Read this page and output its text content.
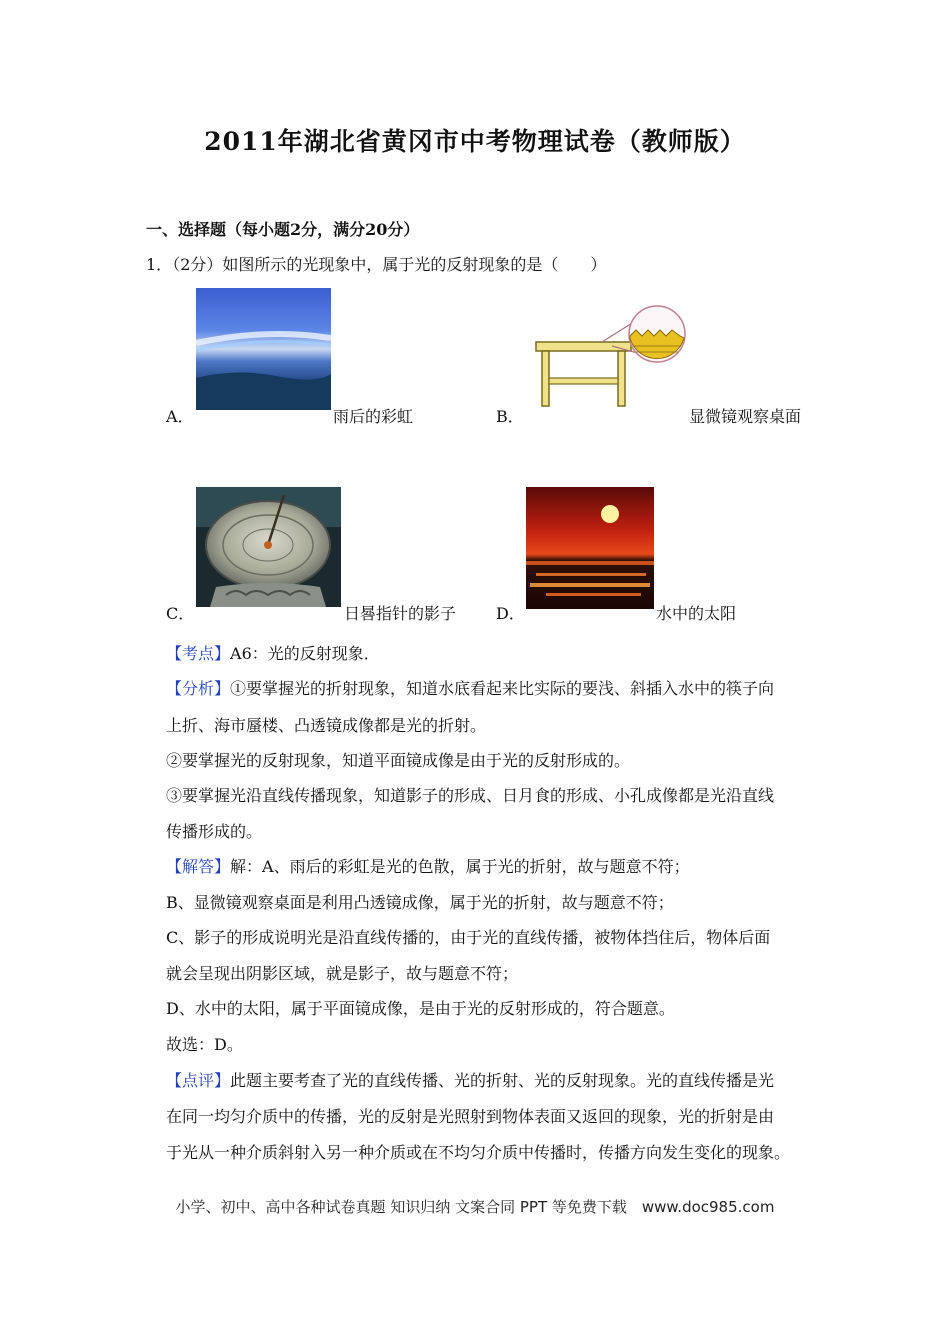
2011年湖北省黄冈市中考物理试卷（教师版）
一、选择题（每小题2分，满分20分）
1．（2分）如图所示的光现象中，属于光的反射现象的是（　　）
A．	雨后的彩虹	B．	显微镜观察桌面
C．	日晷指针的影子 D．	水中的太阳
【考点】A6：光的反射现象．
【分析】①要掌握光的折射现象，知道水底看起来比实际的要浅、斜插入水中的筷子向
上折、海市蜃楼、凸透镜成像都是光的折射。
②要掌握光的反射现象，知道平面镜成像是由于光的反射形成的。
③要掌握光沿直线传播现象，知道影子的形成、日月食的形成、小孔成像都是光沿直线
传播形成的。
【解答】解：A、雨后的彩虹是光的色散，属于光的折射，故与题意不符；
B、显微镜观察桌面是利用凸透镜成像，属于光的折射，故与题意不符；
C、影子的形成说明光是沿直线传播的，由于光的直线传播，被物体挡住后，物体后面
就会呈现出阴影区域，就是影子，故与题意不符；
D、水中的太阳，属于平面镜成像，是由于光的反射形成的，符合题意。
故选：D。
【点评】此题主要考查了光的直线传播、光的折射、光的反射现象。光的直线传播是光
在同一均匀介质中的传播，光的反射是光照射到物体表面又返回的现象，光的折射是由
于光从一种介质斜射入另一种介质或在不均匀介质中传播时，传播方向发生变化的现象。
小学、初中、高中各种试卷真题 知识归纳 文案合同 PPT 等免费下载　www.doc985.com
